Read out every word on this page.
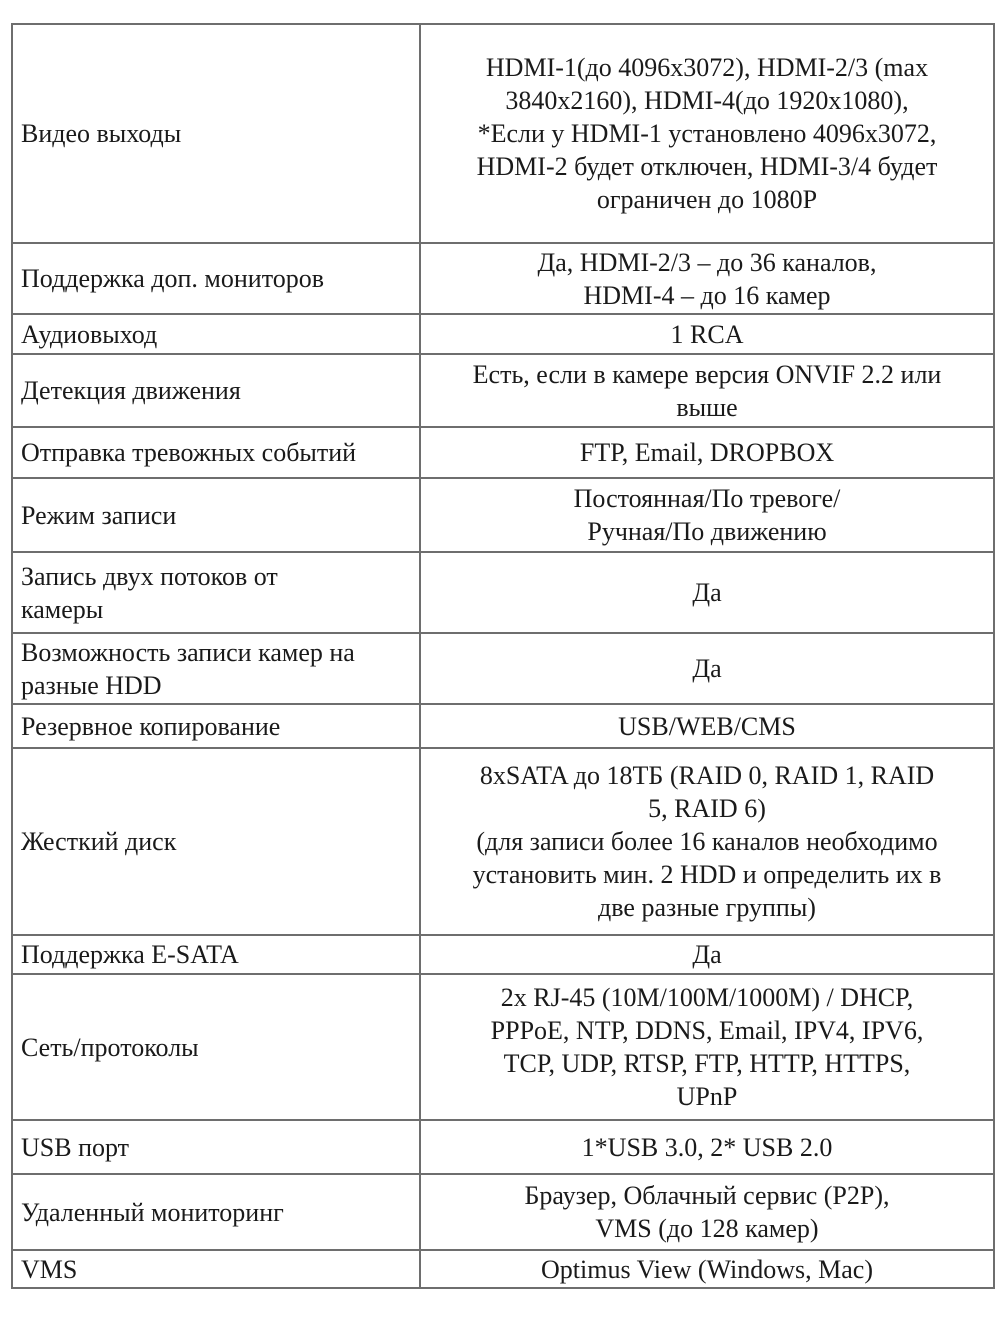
Видео выходы	HDMI-1(до 4096х3072), HDMI-2/3 (max
3840х2160), HDMI-4(до 1920х1080),
*Если у HDMI-1 установлено 4096х3072,
HDMI-2 будет отключен, HDMI-3/4 будет
ограничен до 1080P
Поддержка доп. мониторов	Да, HDMI-2/3 – до 36 каналов,
HDMI-4 – до 16 камер
Аудиовыход	1 RCA
Детекция движения	Есть, если в камере версия ONVIF 2.2 или
выше
Отправка тревожных событий	FTP, Email, DROPBOX
Режим записи	Постоянная/По тревоге/
Ручная/По движению
Запись двух потоков от
камеры	Да
Возможность записи камер на
разные HDD	Да
Резервное копирование	USB/WEB/CMS
Жесткий диск	8хSATA до 18ТБ (RAID 0, RAID 1, RAID
5, RAID 6)
(для записи более 16 каналов необходимо
установить мин. 2 HDD и определить их в
две разные группы)
Поддержка E-SATA	Да
Сеть/протоколы	2х RJ-45 (10M/100M/1000M) / DHCP,
PPPoE, NTP, DDNS, Email, IPV4, IPV6,
TCP, UDP, RTSP, FTP, HTTP, HTTPS,
UPnP
USB порт	1*USB 3.0, 2* USB 2.0
Удаленный мониторинг	Браузер, Облачный сервис (P2P),
VMS (до 128 камер)
VMS	Optimus View (Windows, Mac)
